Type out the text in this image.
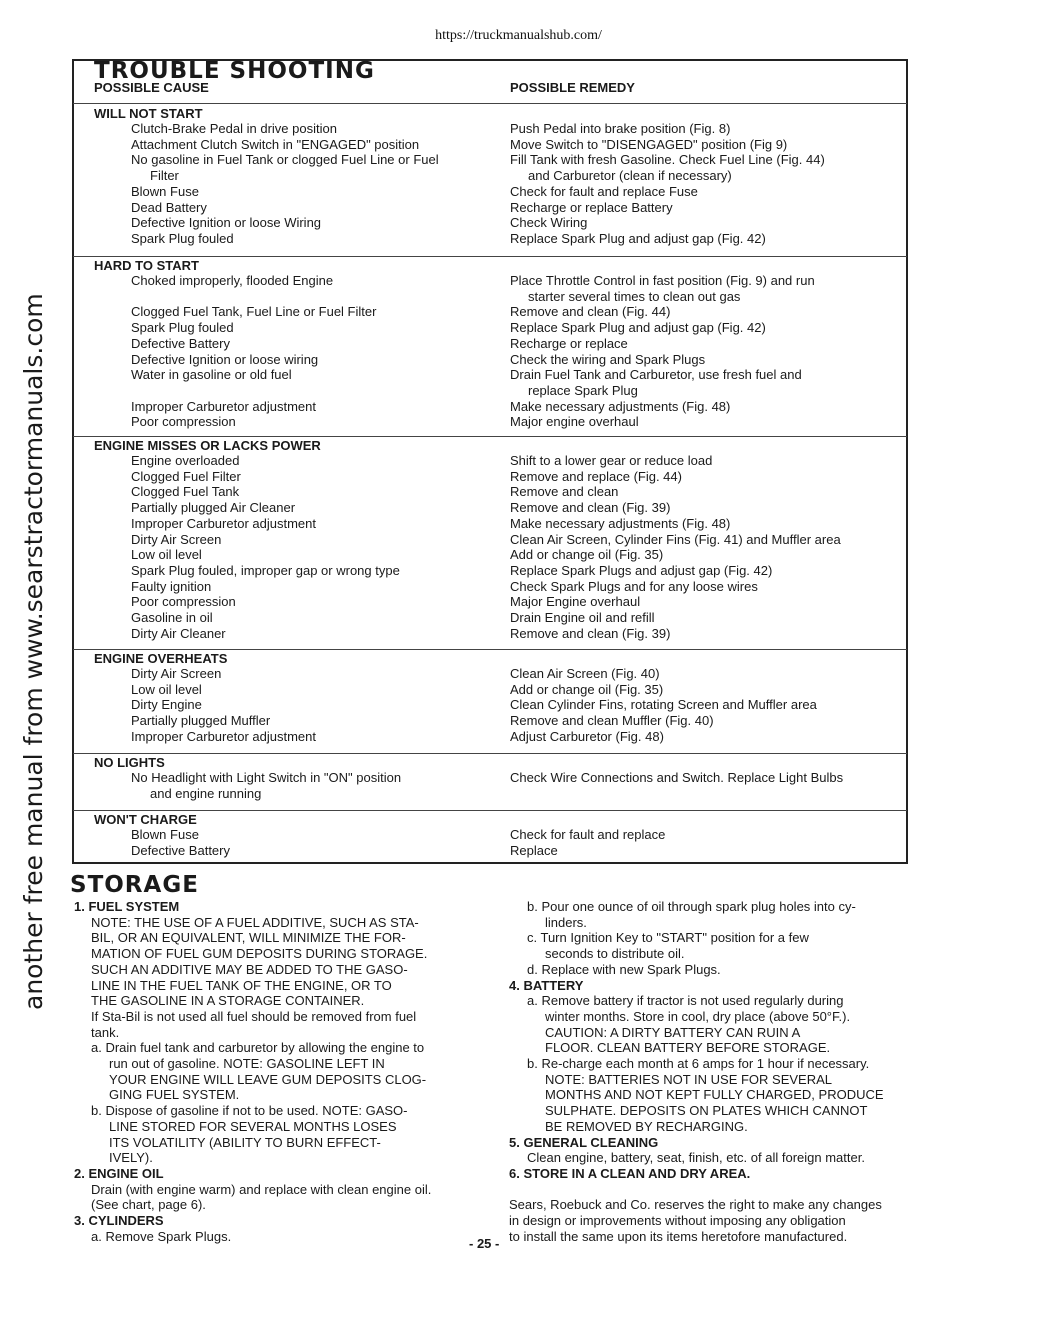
https://truckmanualshub.com/
another free manual from www.searstractormanuals.com
TROUBLE SHOOTING
POSSIBLE CAUSE	POSSIBLE REMEDY
WILL NOT START
Clutch-Brake Pedal in drive position
Attachment Clutch Switch in "ENGAGED" position
No gasoline in Fuel Tank or clogged Fuel Line or Fuel
Filter
Blown Fuse
Dead Battery
Defective Ignition or loose Wiring
Spark Plug fouled
Push Pedal into brake position (Fig. 8)
Move Switch to "DISENGAGED" position (Fig 9)
Fill Tank with fresh Gasoline. Check Fuel Line (Fig. 44)
and Carburetor (clean if necessary)
Check for fault and replace Fuse
Recharge or replace Battery
Check Wiring
Replace Spark Plug and adjust gap (Fig. 42)
HARD TO START
Choked improperly, flooded Engine
Clogged Fuel Tank, Fuel Line or Fuel Filter
Spark Plug fouled
Defective Battery
Defective Ignition or loose wiring
Water in gasoline or old fuel
Improper Carburetor adjustment
Poor compression
Place Throttle Control in fast position (Fig. 9) and run
starter several times to clean out gas
Remove and clean (Fig. 44)
Replace Spark Plug and adjust gap (Fig. 42)
Recharge or replace
Check the wiring and Spark Plugs
Drain Fuel Tank and Carburetor, use fresh fuel and
replace Spark Plug
Make necessary adjustments (Fig. 48)
Major engine overhaul
ENGINE MISSES OR LACKS POWER
Engine overloaded
Clogged Fuel Filter
Clogged Fuel Tank
Partially plugged Air Cleaner
Improper Carburetor adjustment
Dirty Air Screen
Low oil level
Spark Plug fouled, improper gap or wrong type
Faulty ignition
Poor compression
Gasoline in oil
Dirty Air Cleaner
Shift to a lower gear or reduce load
Remove and replace (Fig. 44)
Remove and clean
Remove and clean (Fig. 39)
Make necessary adjustments (Fig. 48)
Clean Air Screen, Cylinder Fins (Fig. 41) and Muffler area
Add or change oil (Fig. 35)
Replace Spark Plugs and adjust gap (Fig. 42)
Check Spark Plugs and for any loose wires
Major Engine overhaul
Drain Engine oil and refill
Remove and clean (Fig. 39)
ENGINE OVERHEATS
Dirty Air Screen
Low oil level
Dirty Engine
Partially plugged Muffler
Improper Carburetor adjustment
Clean Air Screen (Fig. 40)
Add or change oil (Fig. 35)
Clean Cylinder Fins, rotating Screen and Muffler area
Remove and clean Muffler (Fig. 40)
Adjust Carburetor (Fig. 48)
NO LIGHTS
No Headlight with Light Switch in "ON" position
and engine running
Check Wire Connections and Switch. Replace Light Bulbs
WON'T CHARGE
Blown Fuse
Defective Battery
Check for fault and replace
Replace
STORAGE
1. FUEL SYSTEM
NOTE: THE USE OF A FUEL ADDITIVE, SUCH AS STA-
BIL, OR AN EQUIVALENT, WILL MINIMIZE THE FOR-
MATION OF FUEL GUM DEPOSITS DURING STORAGE.
SUCH AN ADDITIVE MAY BE ADDED TO THE GASO-
LINE IN THE FUEL TANK OF THE ENGINE, OR TO
THE GASOLINE IN A STORAGE CONTAINER.
If Sta-Bil is not used all fuel should be removed from fuel
tank.
a. Drain fuel tank and carburetor by allowing the engine to
run out of gasoline. NOTE: GASOLINE LEFT IN
YOUR ENGINE WILL LEAVE GUM DEPOSITS CLOG-
GING FUEL SYSTEM.
b. Dispose of gasoline if not to be used. NOTE: GASO-
LINE STORED FOR SEVERAL MONTHS LOSES
ITS VOLATILITY (ABILITY TO BURN EFFECT-
IVELY).
2. ENGINE OIL
Drain (with engine warm) and replace with clean engine oil.
(See chart, page 6).
3. CYLINDERS
a. Remove Spark Plugs.
b. Pour one ounce of oil through spark plug holes into cy-
linders.
c. Turn Ignition Key to "START" position for a few
seconds to distribute oil.
d. Replace with new Spark Plugs.
4. BATTERY
a. Remove battery if tractor is not used regularly during
winter months. Store in cool, dry place (above 50°F.).
CAUTION: A DIRTY BATTERY CAN RUIN A
FLOOR. CLEAN BATTERY BEFORE STORAGE.
b. Re-charge each month at 6 amps for 1 hour if necessary.
NOTE: BATTERIES NOT IN USE FOR SEVERAL
MONTHS AND NOT KEPT FULLY CHARGED, PRODUCE
SULPHATE. DEPOSITS ON PLATES WHICH CANNOT
BE REMOVED BY RECHARGING.
5. GENERAL CLEANING
Clean engine, battery, seat, finish, etc. of all foreign matter.
6. STORE IN A CLEAN AND DRY AREA.
Sears, Roebuck and Co. reserves the right to make any changes
in design or improvements without imposing any obligation
to install the same upon its items heretofore manufactured.
- 25 -
